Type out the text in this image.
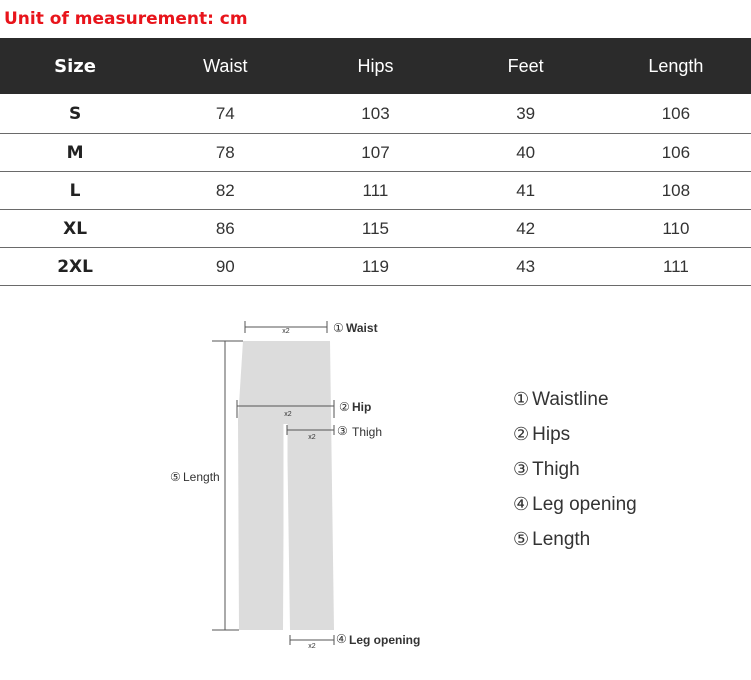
Unit of measurement: cm
Size	Waist	Hips	Feet	Length
S	74	103	39	106
M	78	107	40	106
L	82	111	41	108
XL	86	115	42	110
2XL	90	119	43	111
x2
x2
x2
x2
① Waist
② Hip
③ Thigh
④ Leg opening
⑤ Length
① Waistline
② Hips
③ Thigh
④ Leg opening
⑤ Length
